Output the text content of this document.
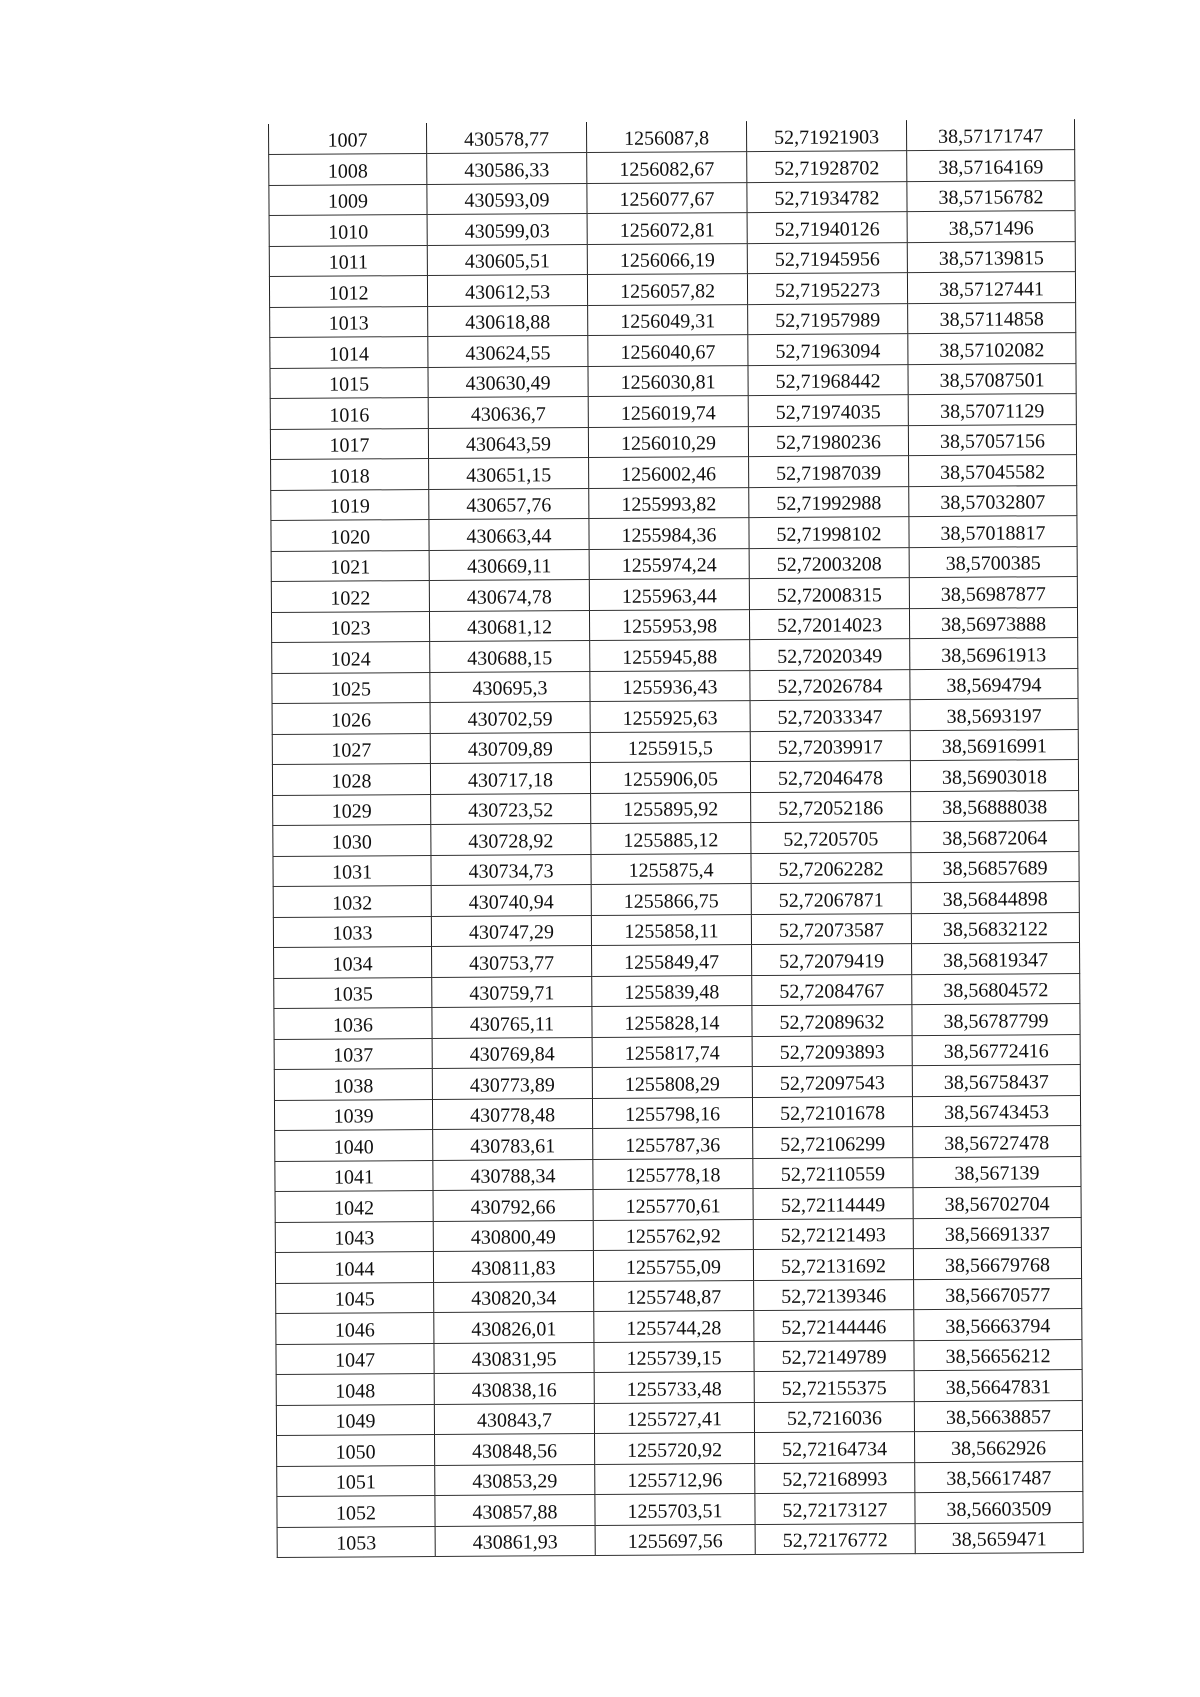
1007	430578,77	1256087,8	52,71921903	38,57171747
1008	430586,33	1256082,67	52,71928702	38,57164169
1009	430593,09	1256077,67	52,71934782	38,57156782
1010	430599,03	1256072,81	52,71940126	38,571496
1011	430605,51	1256066,19	52,71945956	38,57139815
1012	430612,53	1256057,82	52,71952273	38,57127441
1013	430618,88	1256049,31	52,71957989	38,57114858
1014	430624,55	1256040,67	52,71963094	38,57102082
1015	430630,49	1256030,81	52,71968442	38,57087501
1016	430636,7	1256019,74	52,71974035	38,57071129
1017	430643,59	1256010,29	52,71980236	38,57057156
1018	430651,15	1256002,46	52,71987039	38,57045582
1019	430657,76	1255993,82	52,71992988	38,57032807
1020	430663,44	1255984,36	52,71998102	38,57018817
1021	430669,11	1255974,24	52,72003208	38,5700385
1022	430674,78	1255963,44	52,72008315	38,56987877
1023	430681,12	1255953,98	52,72014023	38,56973888
1024	430688,15	1255945,88	52,72020349	38,56961913
1025	430695,3	1255936,43	52,72026784	38,5694794
1026	430702,59	1255925,63	52,72033347	38,5693197
1027	430709,89	1255915,5	52,72039917	38,56916991
1028	430717,18	1255906,05	52,72046478	38,56903018
1029	430723,52	1255895,92	52,72052186	38,56888038
1030	430728,92	1255885,12	52,7205705	38,56872064
1031	430734,73	1255875,4	52,72062282	38,56857689
1032	430740,94	1255866,75	52,72067871	38,56844898
1033	430747,29	1255858,11	52,72073587	38,56832122
1034	430753,77	1255849,47	52,72079419	38,56819347
1035	430759,71	1255839,48	52,72084767	38,56804572
1036	430765,11	1255828,14	52,72089632	38,56787799
1037	430769,84	1255817,74	52,72093893	38,56772416
1038	430773,89	1255808,29	52,72097543	38,56758437
1039	430778,48	1255798,16	52,72101678	38,56743453
1040	430783,61	1255787,36	52,72106299	38,56727478
1041	430788,34	1255778,18	52,72110559	38,567139
1042	430792,66	1255770,61	52,72114449	38,56702704
1043	430800,49	1255762,92	52,72121493	38,56691337
1044	430811,83	1255755,09	52,72131692	38,56679768
1045	430820,34	1255748,87	52,72139346	38,56670577
1046	430826,01	1255744,28	52,72144446	38,56663794
1047	430831,95	1255739,15	52,72149789	38,56656212
1048	430838,16	1255733,48	52,72155375	38,56647831
1049	430843,7	1255727,41	52,7216036	38,56638857
1050	430848,56	1255720,92	52,72164734	38,5662926
1051	430853,29	1255712,96	52,72168993	38,56617487
1052	430857,88	1255703,51	52,72173127	38,56603509
1053	430861,93	1255697,56	52,72176772	38,5659471
